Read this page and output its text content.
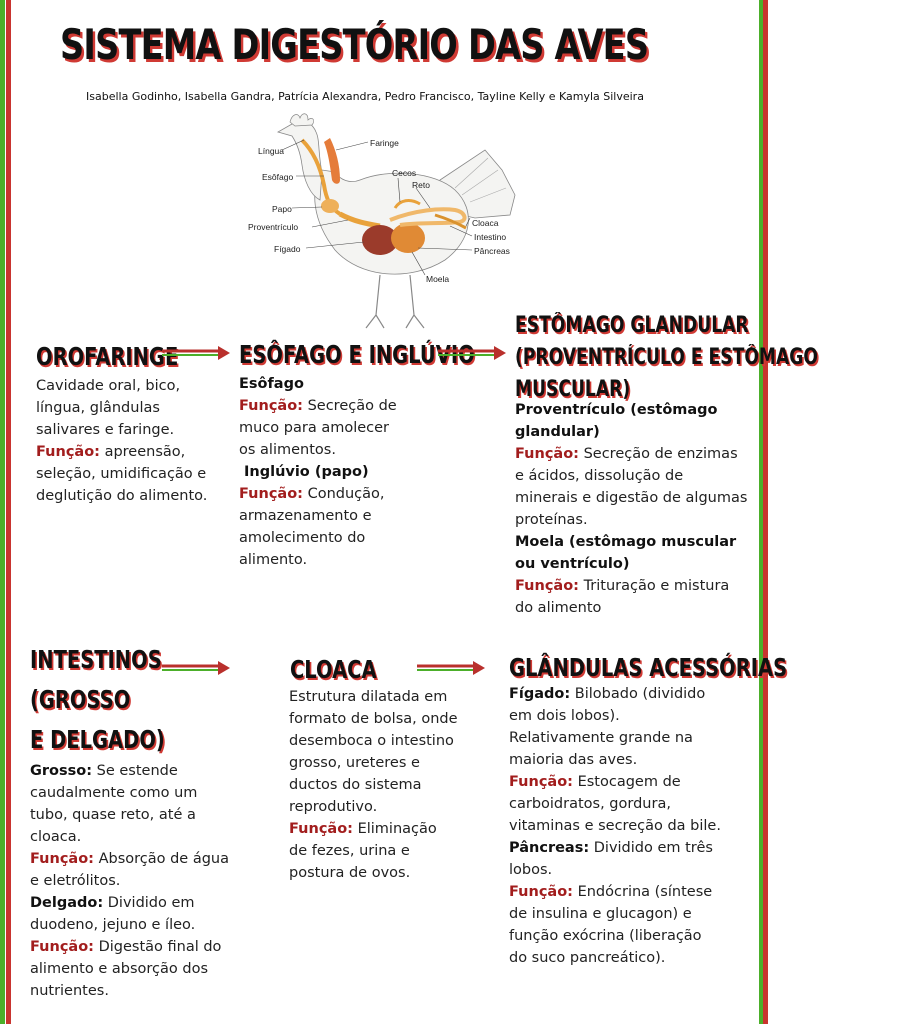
SISTEMA DIGESTÓRIO DAS AVES
Isabella Godinho, Isabella Gandra, Patrícia Alexandra, Pedro Francisco, Tayline Kelly e Kamyla Silveira
Língua
Esôfago
Papo
Proventrículo
Fígado
Faringe
Cecos
Reto
Cloaca
Intestino
Pâncreas
Moela
OROFARINGE

Cavidade oral, bico, língua, glândulas salivares e faringe.

Função: apreensão, seleção, umidificação e deglutição do alimento.

ESÔFAGO E INGLÚVIO

Esôfago

Função: Secreção de muco para amolecer os alimentos.

Inglúvio (papo)

Função: Condução, armazenamento e amolecimento do alimento.

ESTÔMAGO GLANDULAR
(PROVENTRÍCULO E ESTÔMAGO
MUSCULAR)

Proventrículo (estômago glandular)

Função: Secreção de enzimas e ácidos, dissolução de minerais e digestão de algumas proteínas.

Moela (estômago muscular ou ventrículo)

Função: Trituração e mistura do alimento

INTESTINOS
(GROSSO
E DELGADO)

Grosso: Se estende caudalmente como um tubo, quase reto, até a cloaca.

Função: Absorção de água e eletrólitos.

Delgado: Dividido em duodeno, jejuno e íleo.

Função: Digestão final do alimento e absorção dos nutrientes.

CLOACA

Estrutura dilatada em formato de bolsa, onde desemboca o intestino grosso, ureteres e ductos do sistema reprodutivo.

Função: Eliminação de fezes, urina e postura de ovos.

GLÂNDULAS ACESSÓRIAS

Fígado: Bilobado (dividido em dois lobos). Relativamente grande na maioria das aves.

Função: Estocagem de carboidratos, gordura, vitaminas e secreção da bile.

Pâncreas: Dividido em três lobos.

Função: Endócrina (síntese de insulina e glucagon) e função exócrina (liberação do suco pancreático).
